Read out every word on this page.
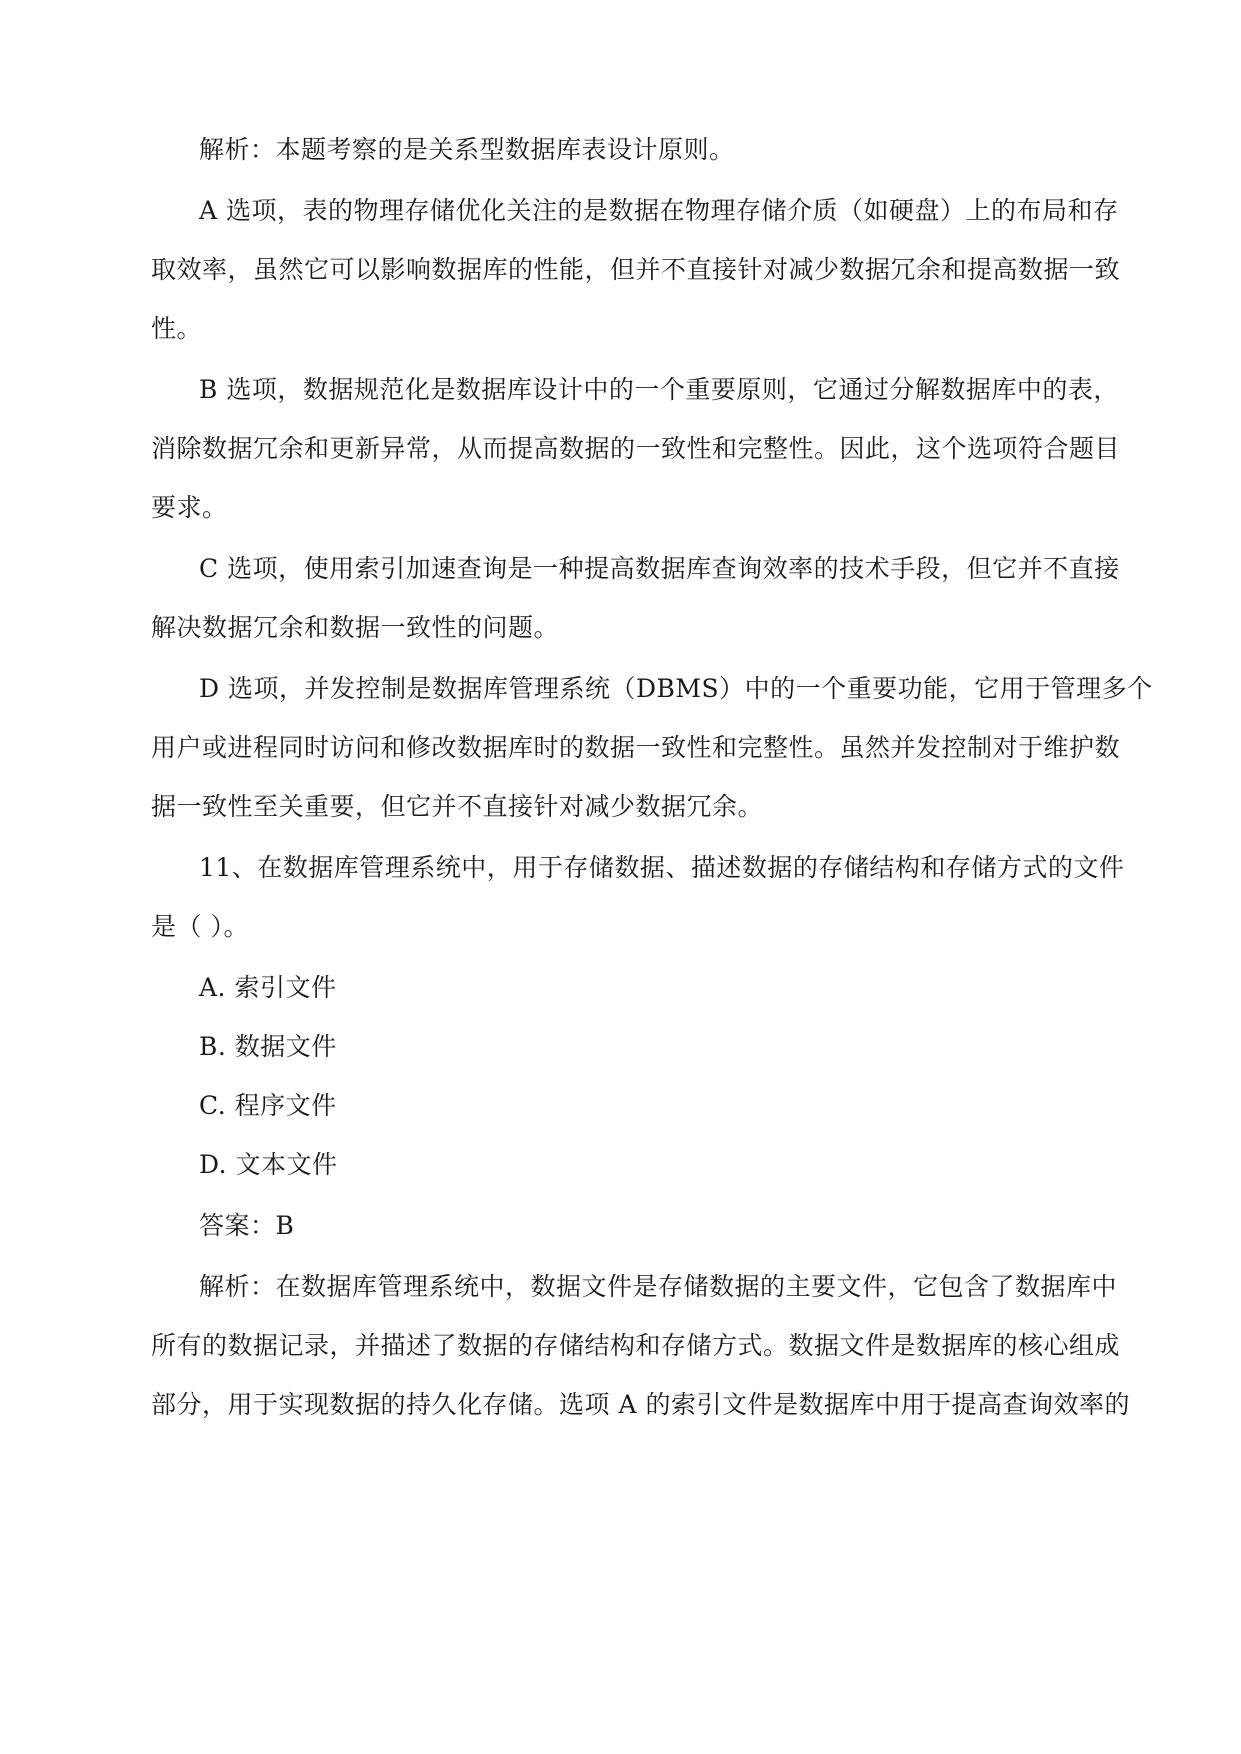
解析：本题考察的是关系型数据库表设计原则。
A 选项，表的物理存储优化关注的是数据在物理存储介质（如硬盘）上的布局和存
取效率，虽然它可以影响数据库的性能，但并不直接针对减少数据冗余和提高数据一致
性。
B 选项，数据规范化是数据库设计中的一个重要原则，它通过分解数据库中的表，
消除数据冗余和更新异常，从而提高数据的一致性和完整性。因此，这个选项符合题目
要求。
C 选项，使用索引加速查询是一种提高数据库查询效率的技术手段，但它并不直接
解决数据冗余和数据一致性的问题。
D 选项，并发控制是数据库管理系统（DBMS）中的一个重要功能，它用于管理多个
用户或进程同时访问和修改数据库时的数据一致性和完整性。虽然并发控制对于维护数
据一致性至关重要，但它并不直接针对减少数据冗余。
11、在数据库管理系统中，用于存储数据、描述数据的存储结构和存储方式的文件
是（ ）。
A. 索引文件
B. 数据文件
C. 程序文件
D. 文本文件
答案：B
解析：在数据库管理系统中，数据文件是存储数据的主要文件，它包含了数据库中
所有的数据记录，并描述了数据的存储结构和存储方式。数据文件是数据库的核心组成
部分，用于实现数据的持久化存储。选项 A 的索引文件是数据库中用于提高查询效率的
